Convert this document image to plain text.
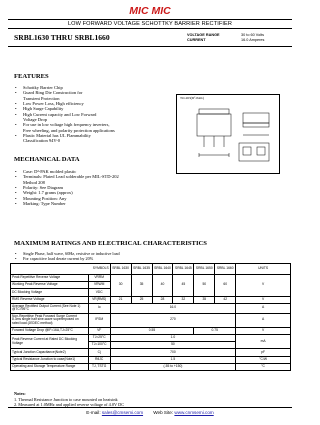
MIC MIC
LOW FORWARD VOLTAGE SCHOTTKY BARRIER RECTIFIER
SRBL1630 THRU SRBL1660	VOLTAGE RANGE	30 to 60 Volts
CURRENT	16.0 Amperes
FEATURES
• Schottky Barrier Chip
• Guard Ring Die Construction for
Transient Protection
• Low Power Loss, High efficiency
• High Surge Capability
• High Current capacity and Low Forward
Voltage Drop
• For use in low voltage high frequency inverters,
Free wheeling, and polarity protection applications
• Plastic Material has UL Flammability
Classification 94V-0
TO-263(D²-PAK)
MECHANICAL DATA
• Case: D²-PAK molded plastic
• Terminals: Plated Lead solderable per MIL-STD-202
Method 208
• Polarity: See Diagram
• Weight: 1.7 grams (approx)
• Mounting Position: Any
• Marking: Type Number
MAXIMUM RATINGS AND ELECTRICAL CHARACTERISTICS
• Single Phase, half wave, 60Hz, resistive or inductive load
• For capacitive load derate current by 20%
SYMBOLS		SRBL 1630	SRBL 1635	SRBL 1640	SRBL 1645	SRBL 1650	SRBL 1660	UNITS
Peak Repetitive Reverse Voltage	VRRM	30	35	40	45	50	60	V
Working Peak Reverse Voltage	VRWM							
DC Blocking Voltage	VDC							
RMS Reverse Voltage	VR(RMS)	21	25	28	32	35	42	V
Average Rectified Output Current (See Note 1) @TC=95°C	Io	16.0						A
Non-Repetitive Peak Forward Surge Current 8.3ms single half sine-wave superimposed on rated load (JEDEC method)	IFSM	270						A
Forward Voltage Drop @IF=16A,TJ=25°C	VF	0.55				0.75		V
Peak Reverse Current at Rated DC Blocking Voltage	TJ=25°C	1.0						mA
	TJ=100°C	50						
Typical Junction Capacitance(Note2)	Cj	700						pF
Typical Resistance Junction to case(Note1)	RθJC	1.5						°C/W
Operating and Storage Temperature Range	TJ, TSTG	(-55 to +150)						°C
Notes:
1. Thermal Resistance Junction to case mounted on heatsink
2. Measured at 1.0MHz and applied reverse voltage of 4.0V DC
E-mail: sales@cmsemi.com Web Site: www.cnmsemi.com
